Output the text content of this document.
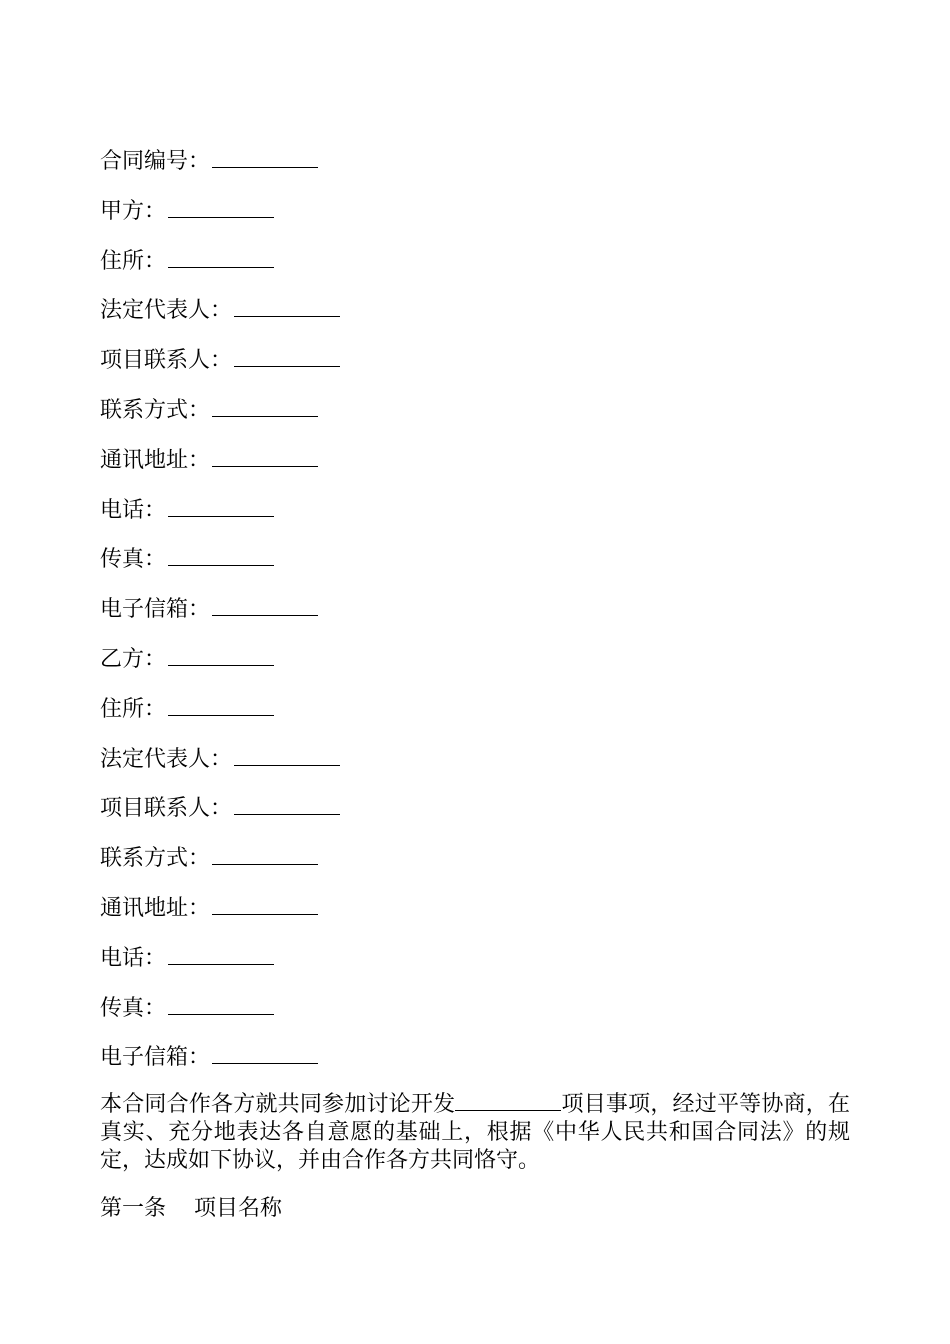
合同编号：
甲方：
住所：
法定代表人：
项目联系人：
联系方式：
通讯地址：
电话：
传真：
电子信箱：
乙方：
住所：
法定代表人：
项目联系人：
联系方式：
通讯地址：
电话：
传真：
电子信箱：

本合同合作各方就共同参加讨论开发	项目事项，经过平等协商，在真实、充分地表达各自意愿的基础上，根据《中华人民共和国合同法》的规定，达成如下协议，并由合作各方共同恪守。

第一条 项目名称
